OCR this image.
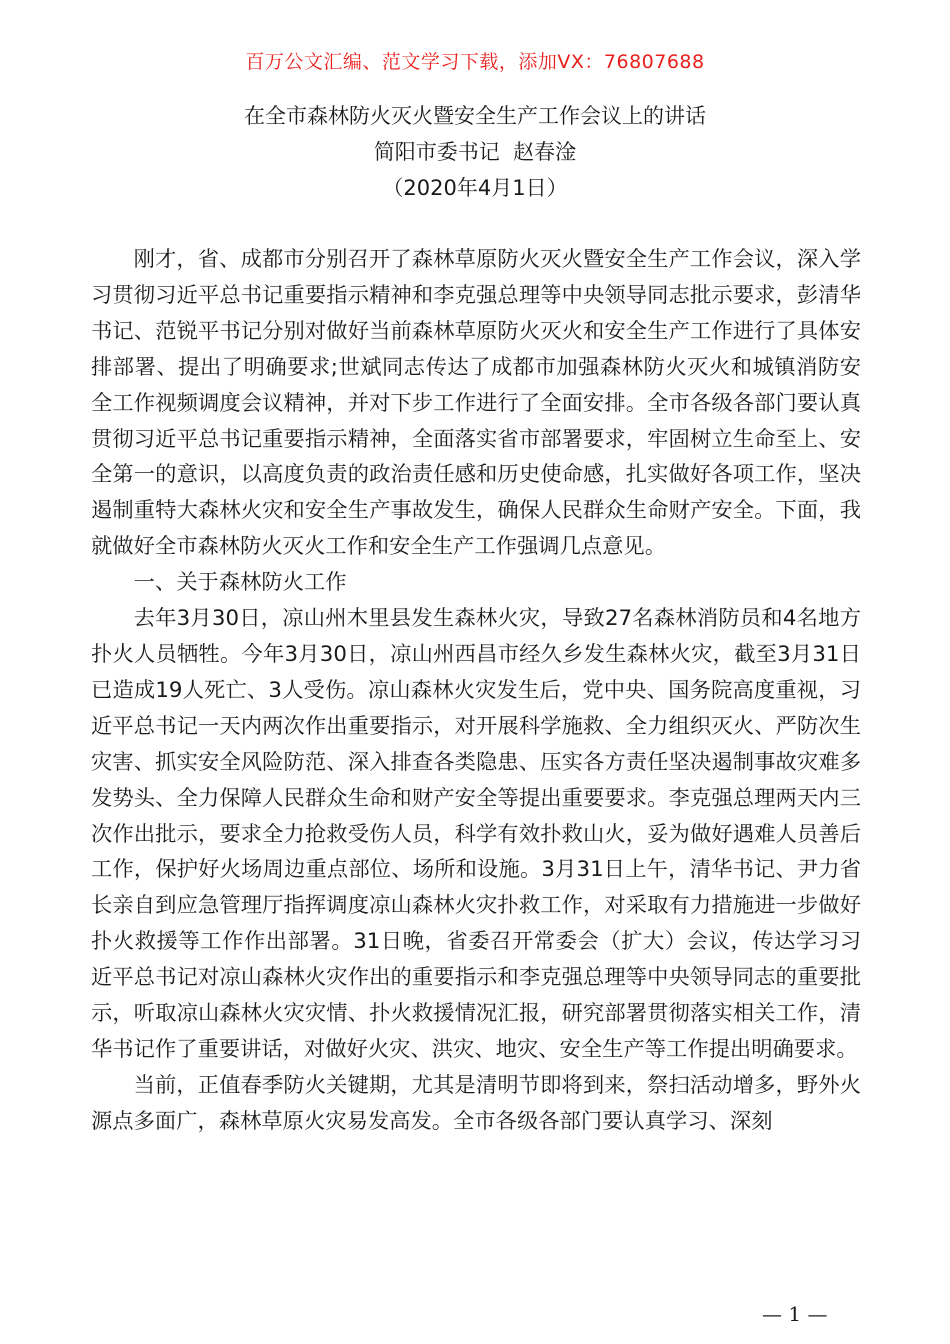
百万公文汇编、范文学习下载，添加VX：76807688
在全市森林防火灭火暨安全生产工作会议上的讲话
简阳市委书记  赵春淦
（2020年4月1日）

刚才，省、成都市分别召开了森林草原防火灭火暨安全生产工作会议，深入学习贯彻习近平总书记重要指示精神和李克强总理等中央领导同志批示要求，彭清华书记、范锐平书记分别对做好当前森林草原防火灭火和安全生产工作进行了具体安排部署、提出了明确要求;世斌同志传达了成都市加强森林防火灭火和城镇消防安全工作视频调度会议精神，并对下步工作进行了全面安排。全市各级各部门要认真贯彻习近平总书记重要指示精神，全面落实省市部署要求，牢固树立生命至上、安全第一的意识，以高度负责的政治责任感和历史使命感，扎实做好各项工作，坚决遏制重特大森林火灾和安全生产事故发生，确保人民群众生命财产安全。下面，我就做好全市森林防火灭火工作和安全生产工作强调几点意见。

一、关于森林防火工作

去年3月30日，凉山州木里县发生森林火灾，导致27名森林消防员和4名地方扑火人员牺牲。今年3月30日，凉山州西昌市经久乡发生森林火灾，截至3月31日已造成19人死亡、3人受伤。凉山森林火灾发生后，党中央、国务院高度重视，习近平总书记一天内两次作出重要指示，对开展科学施救、全力组织灭火、严防次生灾害、抓实安全风险防范、深入排查各类隐患、压实各方责任坚决遏制事故灾难多发势头、全力保障人民群众生命和财产安全等提出重要要求。李克强总理两天内三次作出批示，要求全力抢救受伤人员，科学有效扑救山火，妥为做好遇难人员善后工作，保护好火场周边重点部位、场所和设施。3月31日上午，清华书记、尹力省长亲自到应急管理厅指挥调度凉山森林火灾扑救工作，对采取有力措施进一步做好扑火救援等工作作出部署。31日晚，省委召开常委会（扩大）会议，传达学习习近平总书记对凉山森林火灾作出的重要指示和李克强总理等中央领导同志的重要批示，听取凉山森林火灾灾情、扑火救援情况汇报，研究部署贯彻落实相关工作，清华书记作了重要讲话，对做好火灾、洪灾、地灾、安全生产等工作提出明确要求。

当前，正值春季防火关键期，尤其是清明节即将到来，祭扫活动增多，野外火源点多面广，森林草原火灾易发高发。全市各级各部门要认真学习、深刻

— 1 —
